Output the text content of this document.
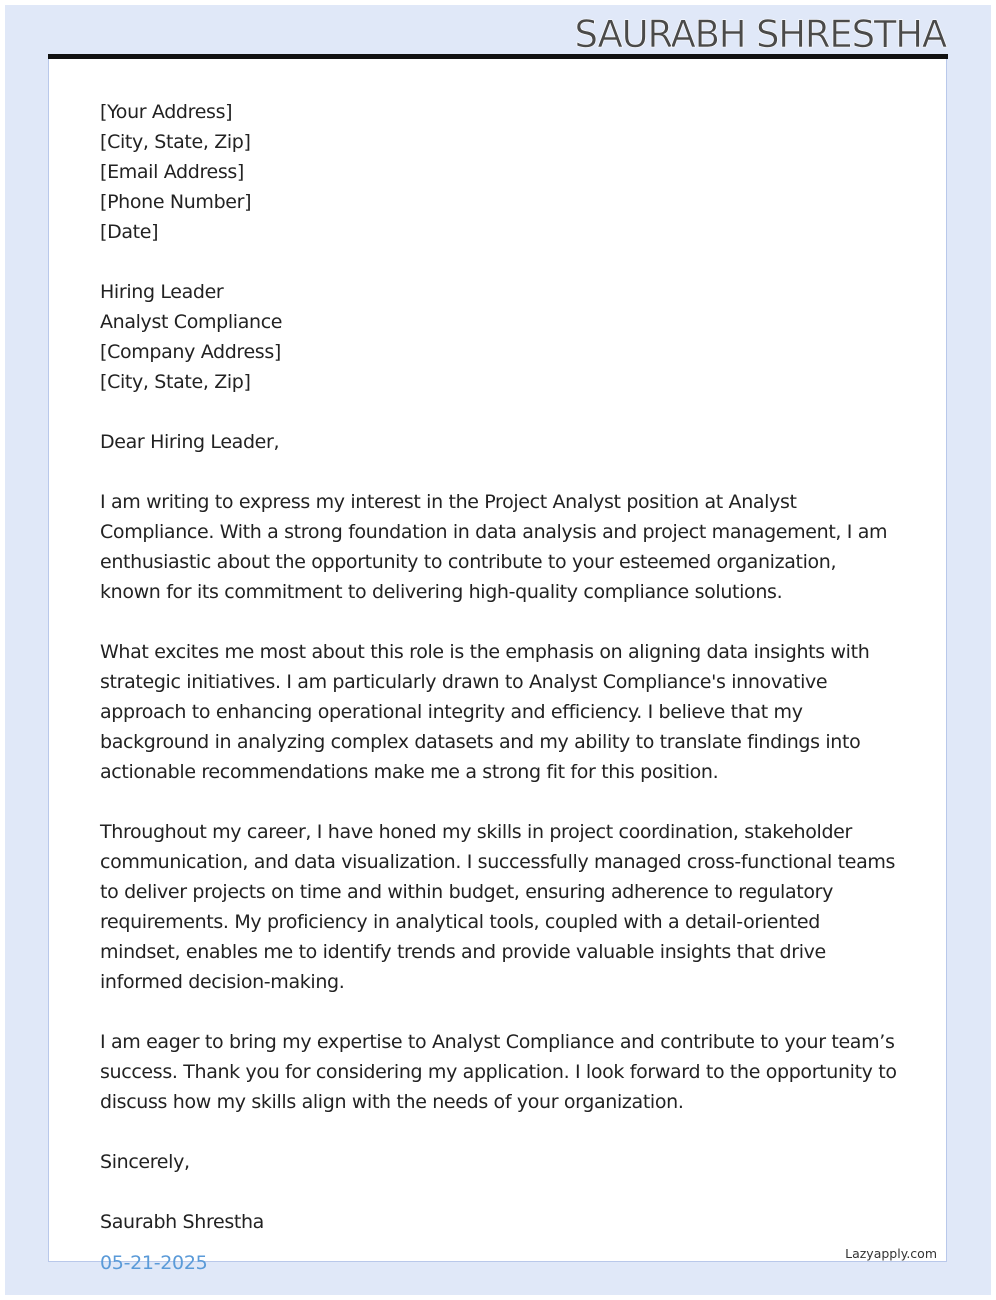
SAURABH SHRESTHA
[Your Address]
[City, State, Zip]
[Email Address]
[Phone Number]
[Date]
Hiring Leader
Analyst Compliance
[Company Address]
[City, State, Zip]
Dear Hiring Leader,

I am writing to express my interest in the Project Analyst position at Analyst Compliance. With a strong foundation in data analysis and project management, I am enthusiastic about the opportunity to contribute to your esteemed organization, known for its commitment to delivering high-quality compliance solutions.

What excites me most about this role is the emphasis on aligning data insights with strategic initiatives. I am particularly drawn to Analyst Compliance's innovative approach to enhancing operational integrity and efficiency. I believe that my background in analyzing complex datasets and my ability to translate findings into actionable recommendations make me a strong fit for this position.

Throughout my career, I have honed my skills in project coordination, stakeholder communication, and data visualization. I successfully managed cross-functional teams to deliver projects on time and within budget, ensuring adherence to regulatory requirements. My proficiency in analytical tools, coupled with a detail-oriented mindset, enables me to identify trends and provide valuable insights that drive informed decision-making.

I am eager to bring my expertise to Analyst Compliance and contribute to your team’s success. Thank you for considering my application. I look forward to the opportunity to discuss how my skills align with the needs of your organization.

Sincerely,
Saurabh Shrestha
05-21-2025	Lazyapply.com
